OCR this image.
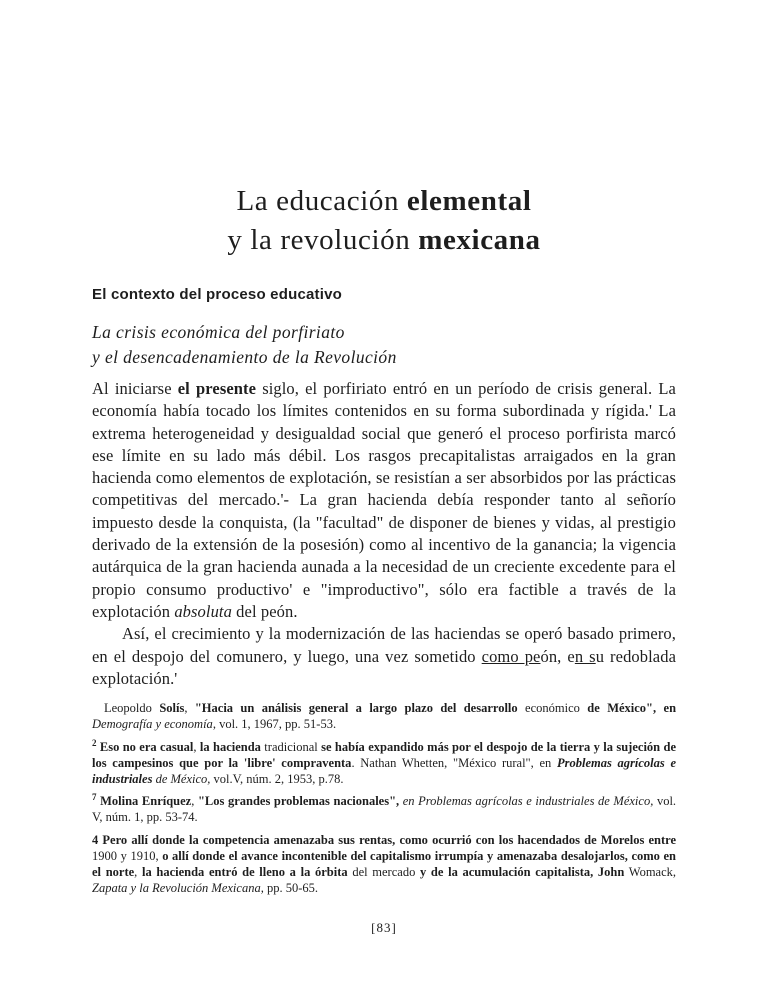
La educación elemental
y la revolución mexicana
El contexto del proceso educativo
La crisis económica del porfiriato
y el desencadenamiento de la Revolución

Al iniciarse el presente siglo, el porfiriato entró en un período de crisis general. La economía había tocado los límites contenidos en su forma subordinada y rígida.' La extrema heterogeneidad y desigualdad social que generó el proceso porfirista marcó ese límite en su lado más débil. Los rasgos precapitalistas arraigados en la gran hacienda como elementos de explotación, se resistían a ser absorbidos por las prácticas competitivas del mercado.'- La gran hacienda debía responder tanto al señorío impuesto desde la conquista, (la "facultad" de disponer de bienes y vidas, al prestigio derivado de la extensión de la posesión) como al incentivo de la ganancia; la vigencia autárquica de la gran hacienda aunada a la necesidad de un creciente excedente para el propio consumo productivo' e "improductivo", sólo era factible a través de la explotación absoluta del peón.

Así, el crecimiento y la modernización de las haciendas se operó basado primero, en el despojo del comunero, y luego, una vez sometido como peón, en su redoblada explotación.'

Leopoldo Solís, "Hacia un análisis general a largo plazo del desarrollo económico de México", en Demografía y economía, vol. 1, 1967, pp. 51-53.

$^2$ Eso no era casual, la hacienda tradicional se había expandido más por el despojo de la tierra y la sujeción de los campesinos que por la 'libre' compraventa. Nathan Whetten, "México rural", en Problemas agrícolas e industriales de México, vol.V, núm. 2, 1953, p.78.

$^7$ Molina Enríquez, "Los grandes problemas nacionales", en Problemas agrícolas e industriales de México, vol. V, núm. 1, pp. 53-74.

4 Pero allí donde la competencia amenazaba sus rentas, como ocurrió con los hacendados de Morelos entre 1900 y 1910, o allí donde el avance incontenible del capitalismo irrumpía y amenazaba desalojarlos, como en el norte, la hacienda entró de lleno a la órbita del mercado y de la acumulación capitalista, John Womack, Zapata y la Revolución Mexicana, pp. 50-65.

[83]
